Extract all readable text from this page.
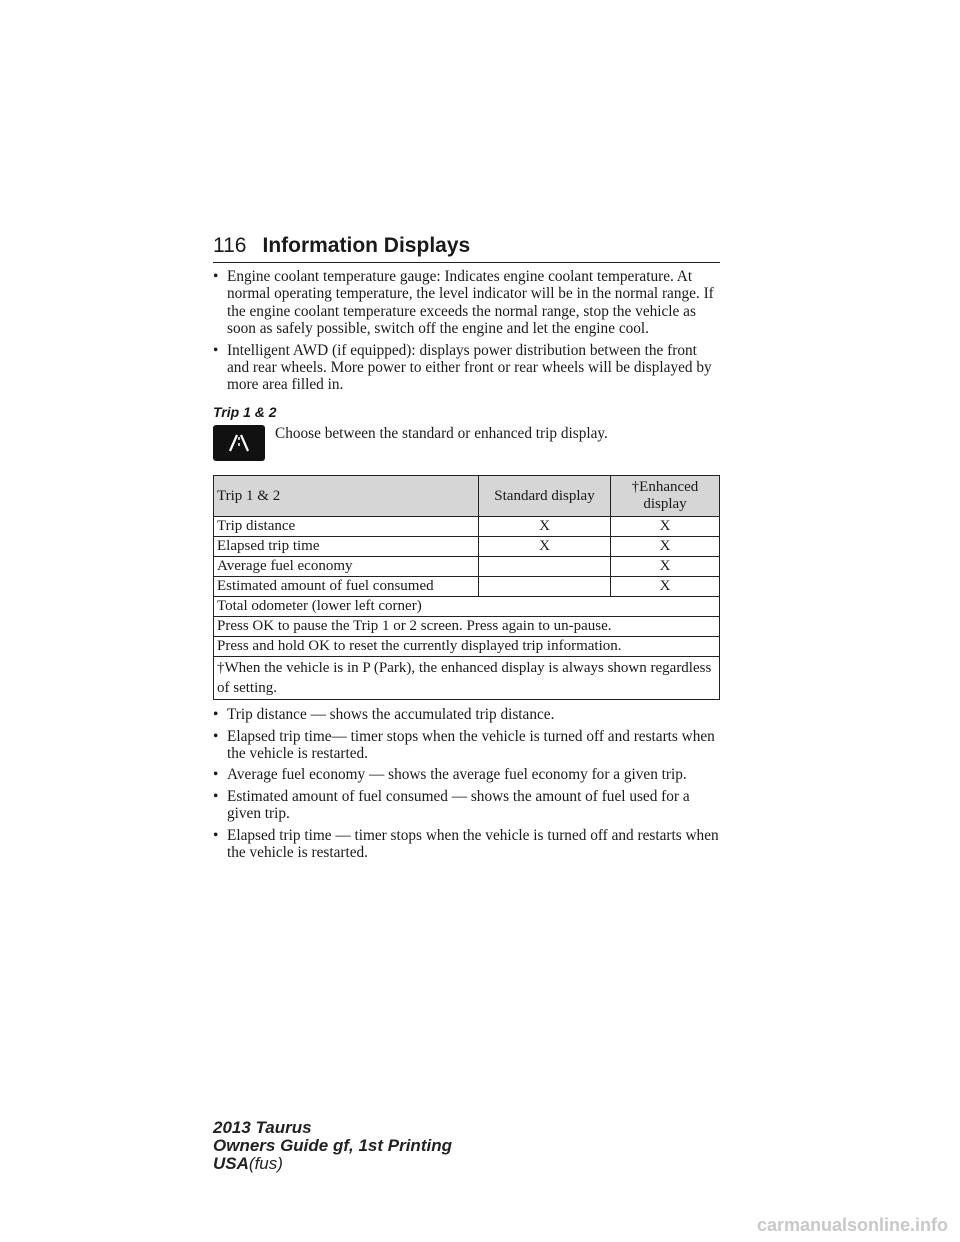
116 Information Displays
• Engine coolant temperature gauge: Indicates engine coolant temperature. At normal operating temperature, the level indicator will be in the normal range. If the engine coolant temperature exceeds the normal range, stop the vehicle as soon as safely possible, switch off the engine and let the engine cool.
• Intelligent AWD (if equipped): displays power distribution between the front and rear wheels. More power to either front or rear wheels will be displayed by more area filled in.
Trip 1 & 2
Choose between the standard or enhanced trip display.
Trip 1 & 2	Standard display	†Enhanced display
Trip distance	X	X
Elapsed trip time	X	X
Average fuel economy		X
Estimated amount of fuel consumed		X
Total odometer (lower left corner)		
Press OK to pause the Trip 1 or 2 screen. Press again to un-pause.		
Press and hold OK to reset the currently displayed trip information.		
†When the vehicle is in P (Park), the enhanced display is always shown regardless of setting.		
• Trip distance — shows the accumulated trip distance.
• Elapsed trip time— timer stops when the vehicle is turned off and restarts when the vehicle is restarted.
• Average fuel economy — shows the average fuel economy for a given trip.
• Estimated amount of fuel consumed — shows the amount of fuel used for a given trip.
• Elapsed trip time — timer stops when the vehicle is turned off and restarts when the vehicle is restarted.
2013 Taurus
Owners Guide gf, 1st Printing
USA(fus)
carmanualsonline.info
